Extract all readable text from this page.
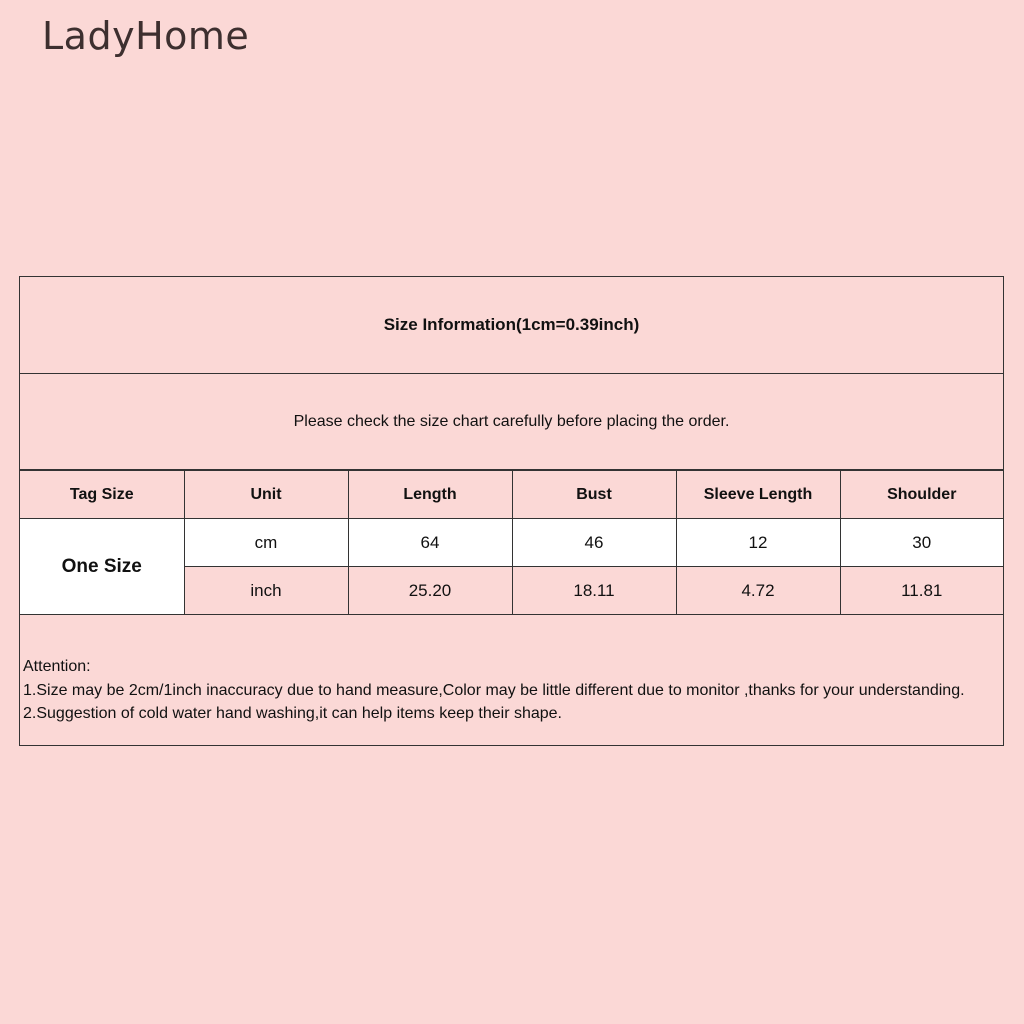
LadyHome
Size Information(1cm=0.39inch)
Please check the size chart carefully before placing the order.
Tag Size	Unit	Length	Bust	Sleeve Length	Shoulder
One Size	cm	64	46	12	30
	inch	25.20	18.11	4.72	11.81
Attention:
1.Size may be 2cm/1inch inaccuracy due to hand measure,Color may be little different due to monitor ,thanks for your understanding.
2.Suggestion of cold water hand washing,it can help items keep their shape.
